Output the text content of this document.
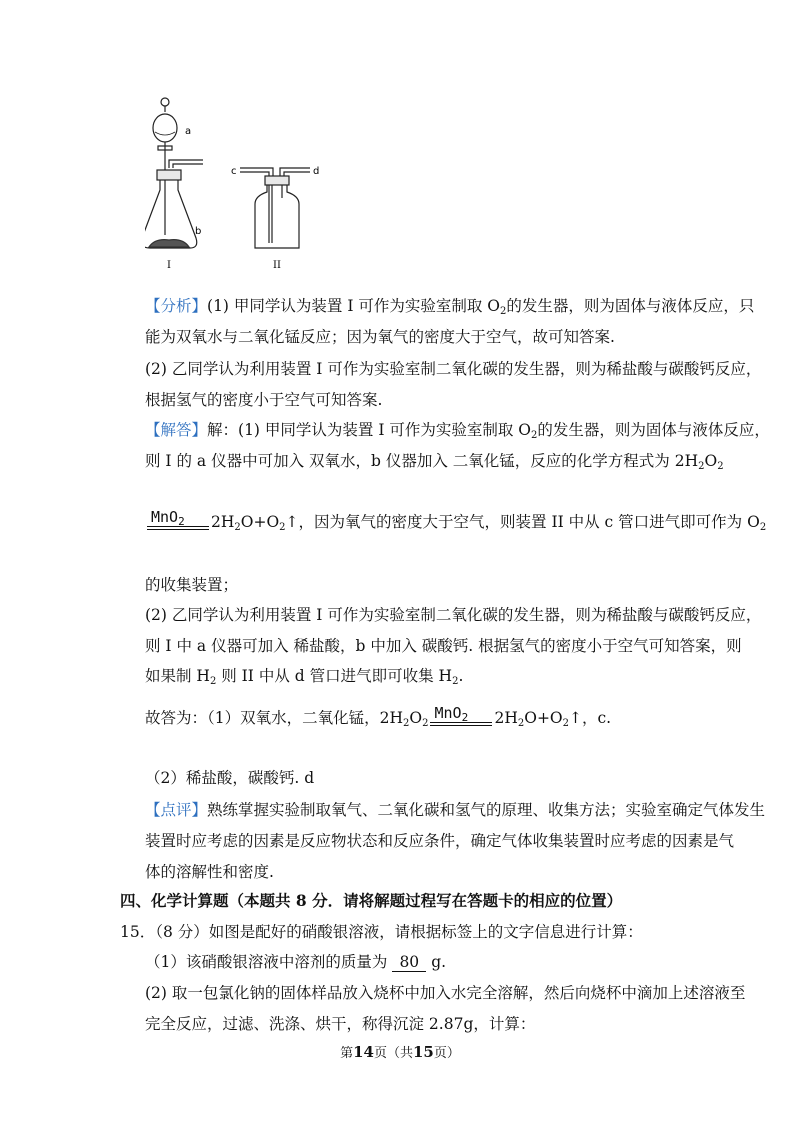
a
b
I
c	d
II
【分析】(1) 甲同学认为装置 I 可作为实验室制取 $O_2$的发生器，则为固体与液体反应，只
能为双氧水与二氧化锰反应；因为氧气的密度大于空气，故可知答案.
(2) 乙同学认为利用装置 I 可作为实验室制二氧化碳的发生器，则为稀盐酸与碳酸钙反应，
根据氢气的密度小于空气可知答案.
【解答】解：(1) 甲同学认为装置 I 可作为实验室制取 $O_2$的发生器，则为固体与液体反应，
则 I 的 a 仪器中可加入 双氧水，b 仪器加入 二氧化锰，反应的化学方程式为 $2H_2O_2$
MnO$_2$ $2H_2O+O_2↑$，因为氧气的密度大于空气，则装置 II 中从 c 管口进气即可作为 $O_2$
的收集装置；
(2) 乙同学认为利用装置 I 可作为实验室制二氧化碳的发生器，则为稀盐酸与碳酸钙反应，
则 I 中 a 仪器可加入 稀盐酸，b 中加入 碳酸钙. 根据氢气的密度小于空气可知答案，则
如果制 $H_2$ 则 II 中从 d 管口进气即可收集 $H_2$.
故答为：（1）双氧水，二氧化锰，$2H_2O_2$
MnO$_2$ $2H_2O+O_2↑$，c.
（2）稀盐酸，碳酸钙. d
【点评】熟练掌握实验制取氧气、二氧化碳和氢气的原理、收集方法；实验室确定气体发生
装置时应考虑的因素是反应物状态和反应条件，确定气体收集装置时应考虑的因素是气
体的溶解性和密度.
四、化学计算题（本题共 8 分．请将解题过程写在答题卡的相应的位置）
15．（8 分）如图是配好的硝酸银溶液，请根据标签上的文字信息进行计算：
（1）该硝酸银溶液中溶剂的质量为 80 g.
(2) 取一包氯化钠的固体样品放入烧杯中加入水完全溶解，然后向烧杯中滴加上述溶液至
完全反应，过滤、洗涤、烘干，称得沉淀 2.87g，计算：
第14页（共15页）
